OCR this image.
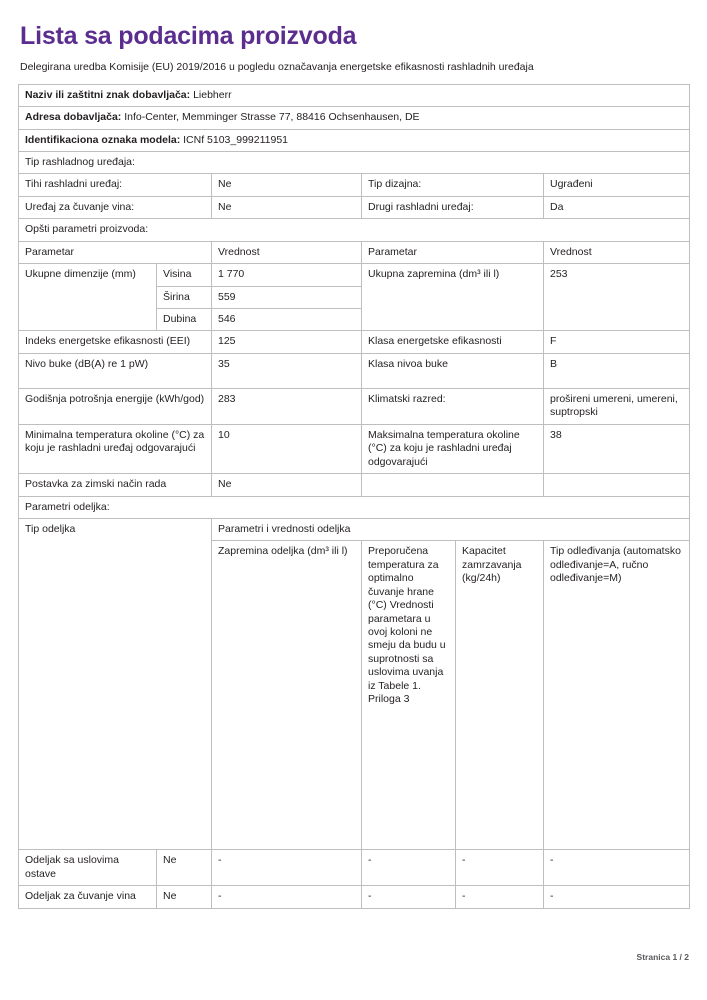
Lista sa podacima proizvoda
Delegirana uredba Komisije (EU) 2019/2016 u pogledu označavanja energetske efikasnosti rashladnih uređaja
Naziv ili zaštitni znak dobavljača: Liebherr					
Adresa dobavljača: Info-Center, Memminger Strasse 77, 88416 Ochsenhausen, DE					
Identifikaciona oznaka modela: ICNf 5103_999211951					
Tip rashladnog uređaja:					
Tihi rashladni uređaj:		Ne	Tip dizajna:		Ugrađeni
Uređaj za čuvanje vina:		Ne	Drugi rashladni uređaj:		Da
Opšti parametri proizvoda:					
Parametar		Vrednost	Parametar		Vrednost
Ukupne dimenzije (mm)	Visina	1 770	Ukupna zapremina (dm³ ili l)		253
	Širina	559			
	Dubina	546			
Indeks energetske efikasnosti (EEI)		125	Klasa energetske efikasnosti		F
Nivo buke (dB(A) re 1 pW)		35	Klasa nivoa buke		B
Godišnja potrošnja energije (kWh/god)		283	Klimatski razred:		prošireni umereni, umereni, suptropski
Minimalna temperatura okoline (°C) za koju je rashladni uređaj odgovarajući		10	Maksimalna temperatura okoline (°C) za koju je rashladni uređaj odgovarajući		38
Postavka za zimski način rada		Ne			
Parametri odeljka:					
Tip odeljka		Parametri i vrednosti odeljka			
		Zapremina odeljka (dm³ ili l)	Preporučena temperatura za optimalno čuvanje hrane (°C) Vrednosti parametara u ovoj koloni ne smeju da budu u suprotnosti sa uslovima uvanja iz Tabele 1. Priloga 3	Kapacitet zamrzavanja (kg/24h)	Tip odleđivanja (automatsko odleđivanje=A, ručno odleđivanje=M)
Odeljak sa uslovima ostave	Ne	-	-	-	-
Odeljak za čuvanje vina	Ne	-	-	-	-
Stranica 1 / 2
